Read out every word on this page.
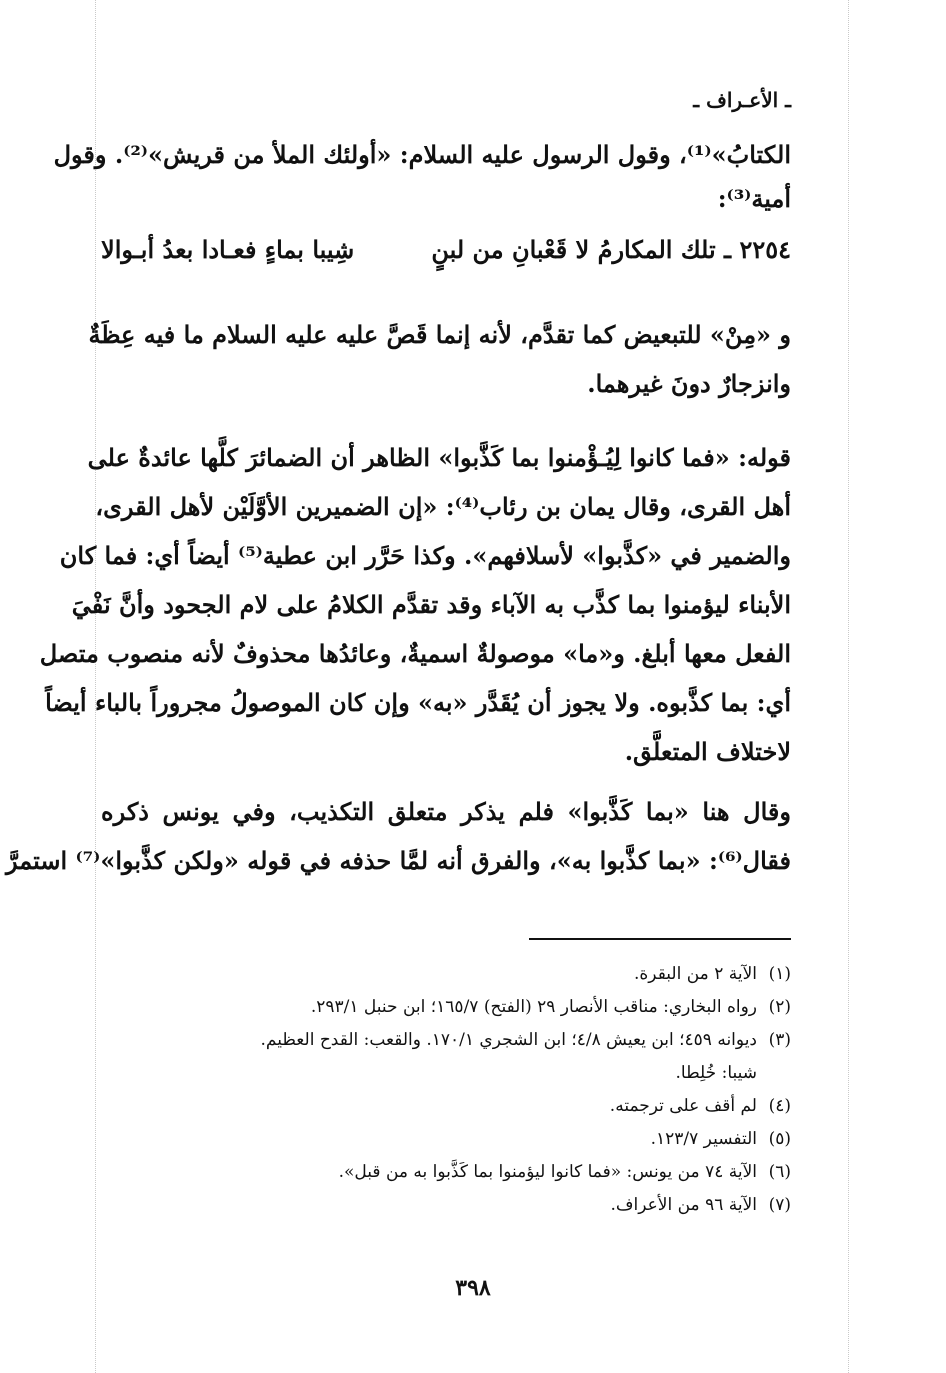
ـ الأعـراف ـ
الكتابُ»⁽¹⁾، وقول الرسول عليه السلام: «أولئك الملأ من قريش»⁽²⁾. وقول
أمية⁽³⁾:
٢٢٥٤ ـ تلك المكارمُ لا قَعْبانِ من لبنٍ
شِيبا بماءٍ فعـادا بعدُ أبـوالا
و «مِنْ» للتبعيض كما تقدَّم، لأنه إنما قَصَّ عليه عليه السلام ما فيه عِظَةٌ
وانزجارٌ دونَ غيرهما.
قوله: «فما كانوا لِيُـؤْمنوا بما كَذَّبوا» الظاهر أن الضمائرَ كلَّها عائدةٌ على
أهل القرى، وقال يمان بن رئاب⁽⁴⁾: «إن الضميرين الأوَّلَيْن لأهل القرى،
والضمير في «كذَّبوا» لأسلافهم». وكذا حَرَّر ابن عطية⁽⁵⁾ أيضاً أي: فما كان
الأبناء ليؤمنوا بما كذَّب به الآباء وقد تقدَّم الكلامُ على لام الجحود وأنَّ نَفْيَ
الفعل معها أبلغ. و«ما» موصولةٌ اسميةٌ، وعائدُها محذوفٌ لأنه منصوب متصل
أي: بما كذَّبوه. ولا يجوز أن يُقَدَّر «به» وإن كان الموصولُ مجروراً بالباء أيضاً
لاختلاف المتعلَّق.
وقال هنا «بما كَذَّبوا» فلم يذكر متعلق التكذيب، وفي يونس ذكره
فقال⁽⁶⁾: «بما كذَّبوا به»، والفرق أنه لمَّا حذفه في قوله «ولكن كذَّبوا»⁽⁷⁾ استمرَّ
(١)الآية ٢ من البقرة.
(٢)رواه البخاري: مناقب الأنصار ٢٩ (الفتح) ١٦٥/٧؛ ابن حنبل ٢٩٣/١.
(٣)ديوانه ٤٥٩؛ ابن يعيش ٤/٨؛ ابن الشجري ١٧٠/١. والقعب: القدح العظيم.
شيبا: خُلِطا.
(٤)لم أقف على ترجمته.
(٥)التفسير ١٢٣/٧.
(٦)الآية ٧٤ من يونس: «فما كانوا ليؤمنوا بما كَذَّبوا به من قبل».
(٧)الآية ٩٦ من الأعراف.
٣٩٨
